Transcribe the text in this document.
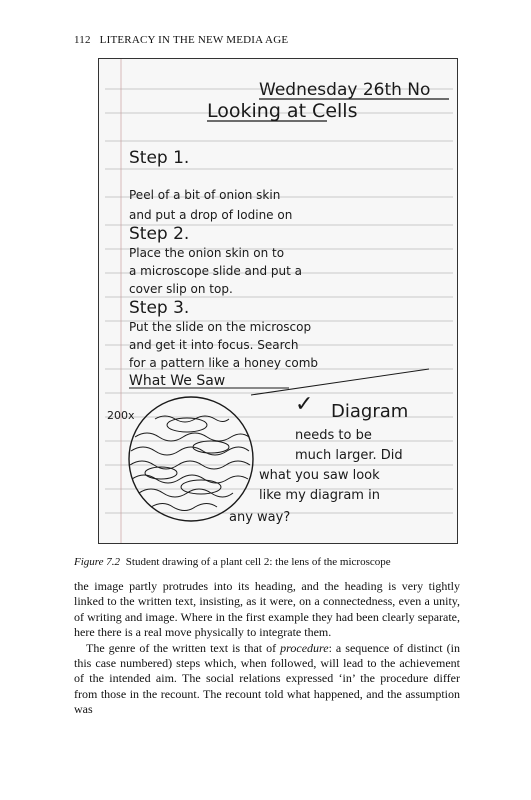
112 LITERACY IN THE NEW MEDIA AGE
Wednesday 26th No
Looking at Cells
Step 1.
Peel of a bit of onion skin
and put a drop of Iodine on
Step 2.
Place the onion skin on to
a microscope slide and put a
cover slip on top.
Step 3.
Put the slide on the microscop
and get it into focus. Search
for a pattern like a honey comb
What We Saw
200x	✓ Diagram
needs to be
much larger. Did
what you saw look
like my diagram in
any way?
Figure 7.2 Student drawing of a plant cell 2: the lens of the microscope

the image partly protrudes into its heading, and the heading is very tightly linked to the written text, insisting, as it were, on a connectedness, even a unity, of writing and image. Where in the first example they had been clearly separate, here there is a real move physically to integrate them.

The genre of the written text is that of procedure: a sequence of distinct (in this case numbered) steps which, when followed, will lead to the achievement of the intended aim. The social relations expressed ‘in’ the procedure differ from those in the recount. The recount told what happened, and the assumption was
